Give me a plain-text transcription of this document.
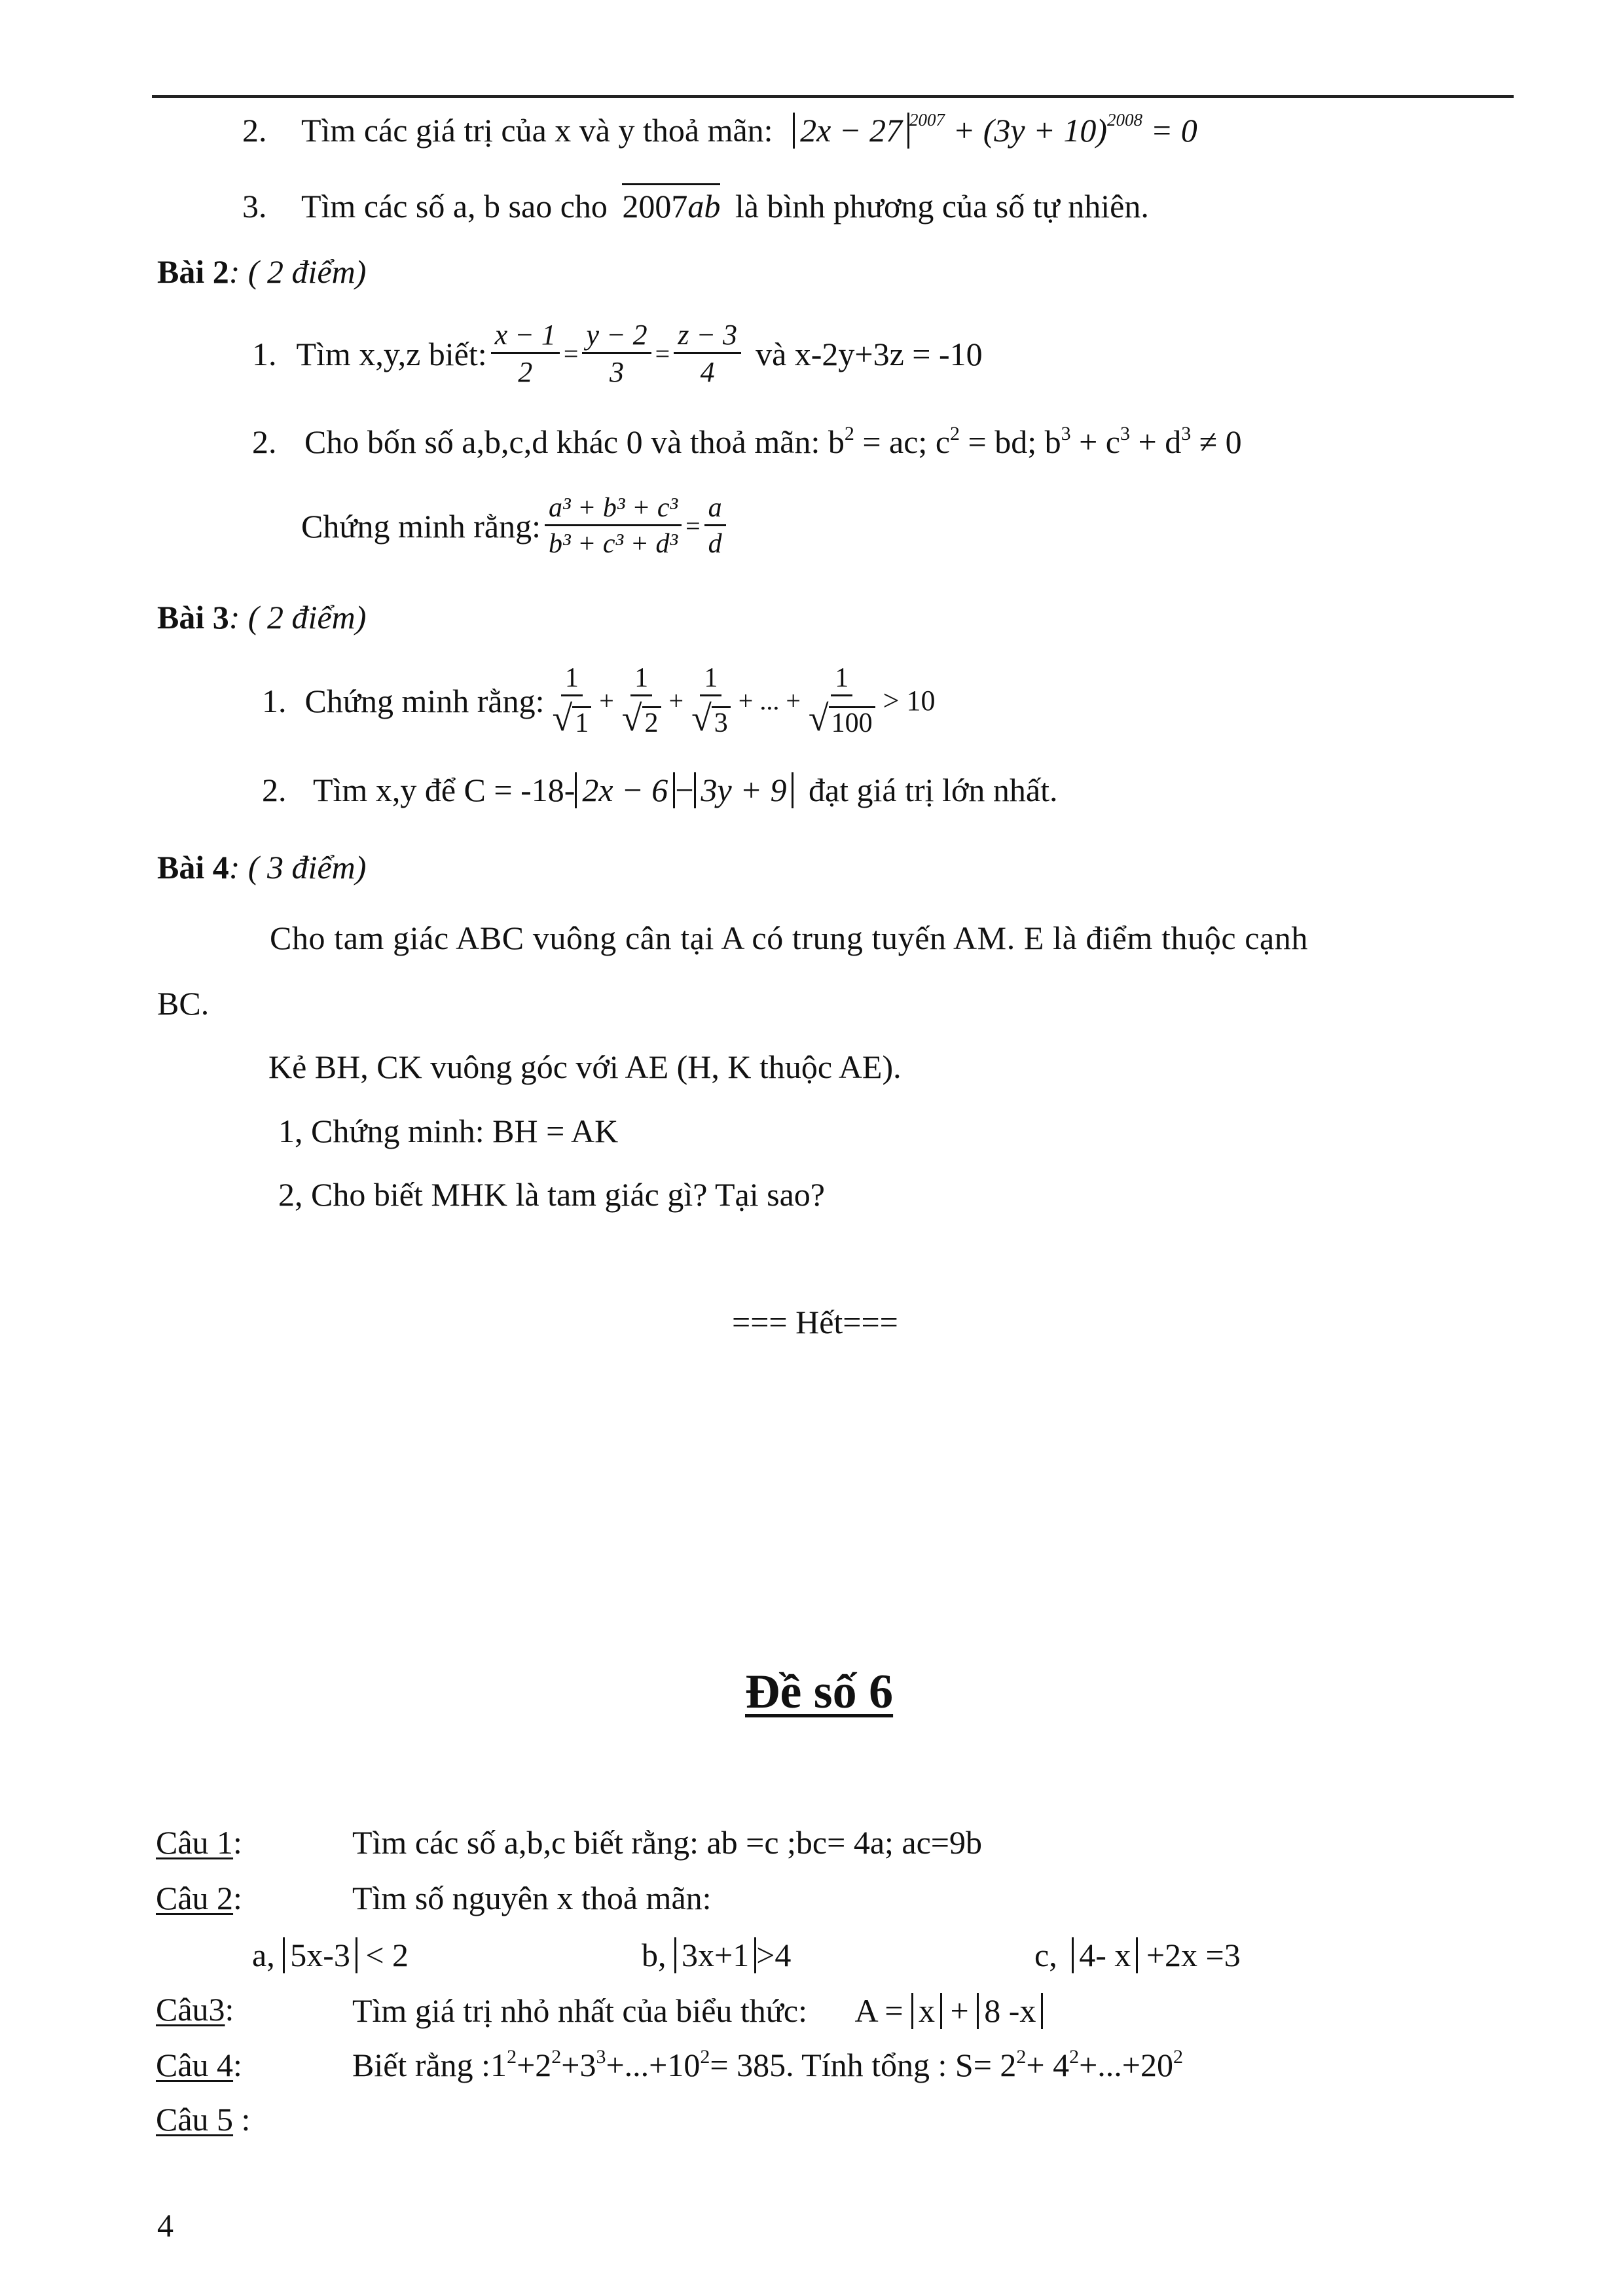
2. Tìm các giá trị của x và y thoả mãn: 2x − 27 $^{2007} + (3y + 10)^{2008} = 0$
3. Tìm các số a, b sao cho 2007ab là bình phương của số tự nhiên.
Bài 2: ( 2 điểm)
1. Tìm x,y,z biết: $\frac{x - 1}{2} = \frac{y - 2}{3} = \frac{z - 3}{4}$ và x-2y+3z = -10
2. Cho bốn số a,b,c,d khác 0 và thoả mãn: $b^2$ = ac; $c^2$ = bd; $b^3 + c^3 + d^3 \ne 0$
Chứng minh rằng: $\frac{\text{a³ + b³ + c³}}{\text{b³ + c³ + d³}} = \frac{a}{d}$
Bài 3: ( 2 điểm)
1. Chứng minh rằng: $\frac{1}{√ 1} + \frac{1}{√ 2} + \frac{1}{√ 3}$ + ... + $\frac{1}{√ 100} > 10$
2. Tìm x,y để C = -18- 2x − 6 − 3y + 9 đạt giá trị lớn nhất.
Bài 4: ( 3 điểm)
Cho tam giác ABC vuông cân tại A có trung tuyến AM. E là điểm thuộc cạnh
BC.
Kẻ BH, CK vuông góc với AE (H, K thuộc AE).
1, Chứng minh: BH = AK
2, Cho biết MHK là tam giác gì? Tại sao?
=== Hết===
Đề số 6
Câu 1:	Tìm các số a,b,c biết rằng: ab =c ;bc= 4a; ac=9b
Câu 2:	Tìm số nguyên x thoả mãn:
a, 5x-3 < 2	b, 3x+1 >4	c, 4- x +2x =3
Câu3:	Tìm giá trị nhỏ nhất của biểu thức: A = x + 8 -x
Câu 4:	Biết rằng $:1^2+2^2+3^3+...+10^2= 385$. Tính tổng : $S= 2^2+ 4^2+...+20^2$
Câu 5 :
4
